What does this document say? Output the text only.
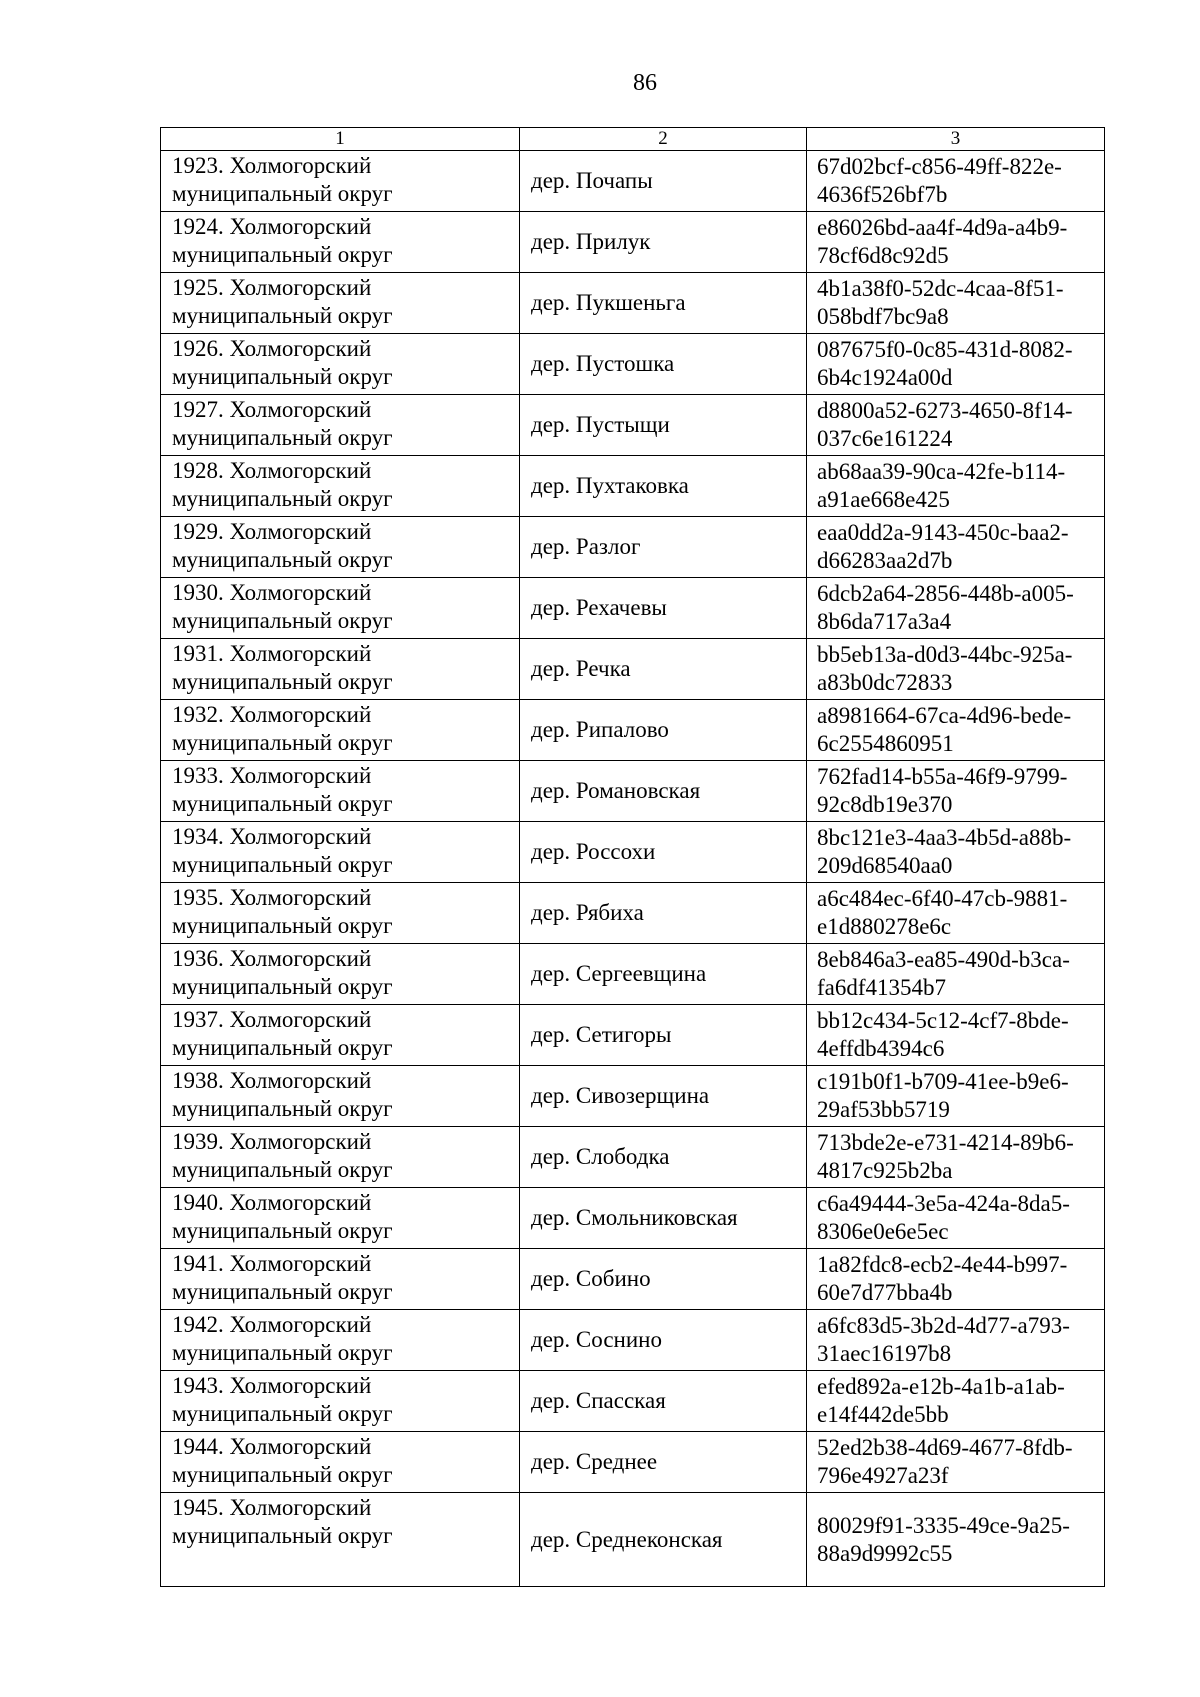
86
1	2	3
1923. Холмогорский муниципальный округ	дер. Почапы	67d02bcf-c856-49ff-822e-4636f526bf7b
1924. Холмогорский муниципальный округ	дер. Прилук	e86026bd-aa4f-4d9a-a4b9-78cf6d8c92d5
1925. Холмогорский муниципальный округ	дер. Пукшеньга	4b1a38f0-52dc-4caa-8f51-058bdf7bc9a8
1926. Холмогорский муниципальный округ	дер. Пустошка	087675f0-0c85-431d-8082-6b4c1924a00d
1927. Холмогорский муниципальный округ	дер. Пустыщи	d8800a52-6273-4650-8f14-037c6e161224
1928. Холмогорский муниципальный округ	дер. Пухтаковка	ab68aa39-90ca-42fe-b114-a91ae668e425
1929. Холмогорский муниципальный округ	дер. Разлог	eaa0dd2a-9143-450c-baa2-d66283aa2d7b
1930. Холмогорский муниципальный округ	дер. Рехачевы	6dcb2a64-2856-448b-a005-8b6da717a3a4
1931. Холмогорский муниципальный округ	дер. Речка	bb5eb13a-d0d3-44bc-925a-a83b0dc72833
1932. Холмогорский муниципальный округ	дер. Рипалово	a8981664-67ca-4d96-bede-6c2554860951
1933. Холмогорский муниципальный округ	дер. Романовская	762fad14-b55a-46f9-9799-92c8db19e370
1934. Холмогорский муниципальный округ	дер. Россохи	8bc121e3-4aa3-4b5d-a88b-209d68540aa0
1935. Холмогорский муниципальный округ	дер. Рябиха	a6c484ec-6f40-47cb-9881-e1d880278e6c
1936. Холмогорский муниципальный округ	дер. Сергеевщина	8eb846a3-ea85-490d-b3ca-fa6df41354b7
1937. Холмогорский муниципальный округ	дер. Сетигоры	bb12c434-5c12-4cf7-8bde-4effdb4394c6
1938. Холмогорский муниципальный округ	дер. Сивозерщина	c191b0f1-b709-41ee-b9e6-29af53bb5719
1939. Холмогорский муниципальный округ	дер. Слободка	713bde2e-e731-4214-89b6-4817c925b2ba
1940. Холмогорский муниципальный округ	дер. Смольниковская	c6a49444-3e5a-424a-8da5-8306e0e6e5ec
1941. Холмогорский муниципальный округ	дер. Собино	1a82fdc8-ecb2-4e44-b997-60e7d77bba4b
1942. Холмогорский муниципальный округ	дер. Соснино	a6fc83d5-3b2d-4d77-a793-31aec16197b8
1943. Холмогорский муниципальный округ	дер. Спасская	efed892a-e12b-4a1b-a1ab-e14f442de5bb
1944. Холмогорский муниципальный округ	дер. Среднее	52ed2b38-4d69-4677-8fdb-796e4927a23f
1945. Холмогорский муниципальный округ	дер. Среднеконская	80029f91-3335-49ce-9a25-88a9d9992c55
